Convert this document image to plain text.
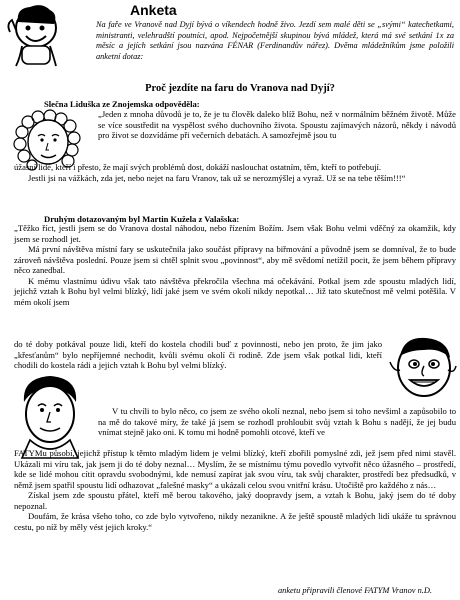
Anketa
Na faře ve Vranově nad Dyjí bývá o víkendech hodně živo. Jezdí sem malé děti se „svými“ katechetkami, ministranti, velehradští poutníci, apod. Nejpočetnější skupinou bývá mládež, která má své setkání 1x za měsíc a jejích setkání jsou nazvána FÉNAR (Ferdinandův nářez). Dvěma mládežníkům jsme položili anketní dotaz:
Proč jezdíte na faru do Vranova nad Dyjí?
Slečna Liduška ze Znojemska odpověděla:
„Jeden z mnoha důvodů je to, že je tu člověk daleko blíž Bohu, než v normálním běžném životě. Může se více soustředit na vyspělost svého duchovního života. Spoustu zajímavých názorů, někdy i návodů pro život se dozvídáme při večerních debatách. A samozřejmě jsou tu

úžasní lidé, kteří i přesto, že mají svých problémů dost, dokáží naslouchat ostatním, těm, kteří to potřebují.

Jestli jsi na vážkách, zda jet, nebo nejet na faru Vranov, tak už se nerozmýšlej a vyraž. Už se na tebe těším!!!“

Druhým dotazovaným byl Martin Kužela z Valašska:

„Těžko říct, jestli jsem se do Vranova dostal náhodou, nebo řízením Božím. Jsem však Bohu velmi vděčný za okamžik, kdy jsem se rozhodl jet.

Má první návštěva místní fary se uskutečnila jako součást přípravy na biřmování a původně jsem se domníval, že to bude zároveň návštěva poslední. Pouze jsem si chtěl splnit svou „povinnost“, aby mě svědomí netížil pocit, že jsem během přípravy něco zanedbal.

K mému vlastnímu údivu však tato návštěva překročila všechna má očekávání. Potkal jsem zde spoustu mladých lidí, jejichž vztah k Bohu byl velmi blízký, lidí jaké jsem ve svém okolí nikdy nepotkal… Již tato skutečnost mě velmi potěšila. V mém okolí jsem

do té doby potkával pouze lidi, kteří do kostela chodili buď z povinnosti, nebo jen proto, že jim jako „křesťanům“ bylo nepříjemné nechodit, kvůli svému okolí či rodině. Zde jsem však potkal lidi, kteří chodili do kostela rádi a jejich vztah k Bohu byl velmi blízký.

V tu chvíli to bylo něco, co jsem ze svého okolí neznal, nebo jsem si toho nevšiml a zapůsobilo to na mě do takové míry, že také já jsem se rozhodl prohloubit svůj vztah k Bohu s nadějí, že jej budu vnímat stejně jako oni. K tomu mi hodně pomohli otcové, kteří ve

FATYMu působí, jejichž přístup k těmto mladým lidem je velmi blízký, kteří zbořili pomyslné zdi, jež jsem před nimi stavěl. Ukázali mi víru tak, jak jsem ji do té doby neznal… Myslím, že se místnímu týmu povedlo vytvořit něco úžasného – prostředí, kde se lidé mohou cítit opravdu svobodnými, kde nemusí zapírat jak svou víru, tak svůj charakter, prostředí bez předsudků, v němž jsem spatřil spoustu lidí odhazovat „falešné masky“ a ukázali celou svou vnitřní krásu. Utočiště pro každého z nás…

Získal jsem zde spoustu přátel, kteří mě berou takového, jaký doopravdy jsem, a vztah k Bohu, jaký jsem do té doby nepoznal.

Doufám, že krása všeho toho, co zde bylo vytvořeno, nikdy nezanikne. A že ještě spoustě mladých lidí ukáže tu správnou cestu, po níž by měly vést jejich kroky.“

anketu připravili členové FATYM Vranov n.D.
